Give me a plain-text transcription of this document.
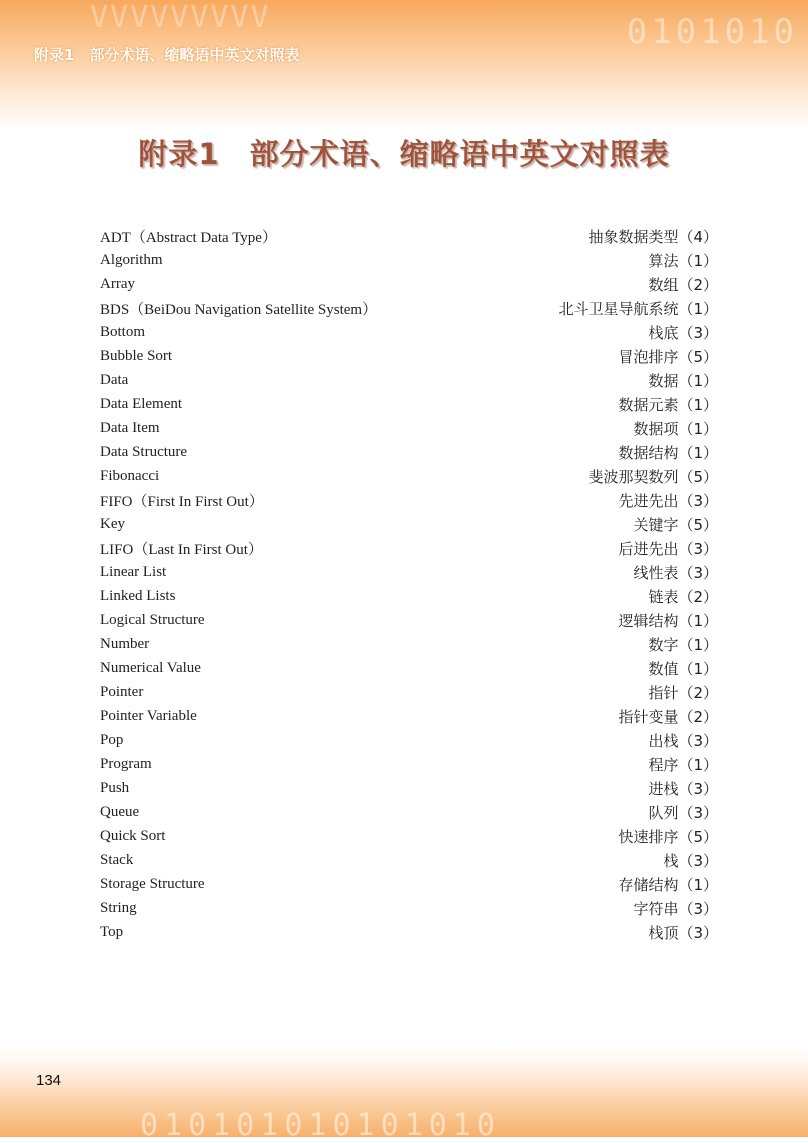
VVVVVVVVV	0101010
附录1　部分术语、缩略语中英文对照表
附录1　部分术语、缩略语中英文对照表
ADT（Abstract Data Type）	抽象数据类型（4）
Algorithm	算法（1）
Array	数组（2）
BDS（BeiDou Navigation Satellite System）	北斗卫星导航系统（1）
Bottom	栈底（3）
Bubble Sort	冒泡排序（5）
Data	数据（1）
Data Element	数据元素（1）
Data Item	数据项（1）
Data Structure	数据结构（1）
Fibonacci	斐波那契数列（5）
FIFO（First In First Out）	先进先出（3）
Key	关键字（5）
LIFO（Last In First Out）	后进先出（3）
Linear List	线性表（3）
Linked Lists	链表（2）
Logical Structure	逻辑结构（1）
Number	数字（1）
Numerical Value	数值（1）
Pointer	指针（2）
Pointer Variable	指针变量（2）
Pop	出栈（3）
Program	程序（1）
Push	进栈（3）
Queue	队列（3）
Quick Sort	快速排序（5）
Stack	栈（3）
Storage Structure	存储结构（1）
String	字符串（3）
Top	栈顶（3）
010101010101010
134
